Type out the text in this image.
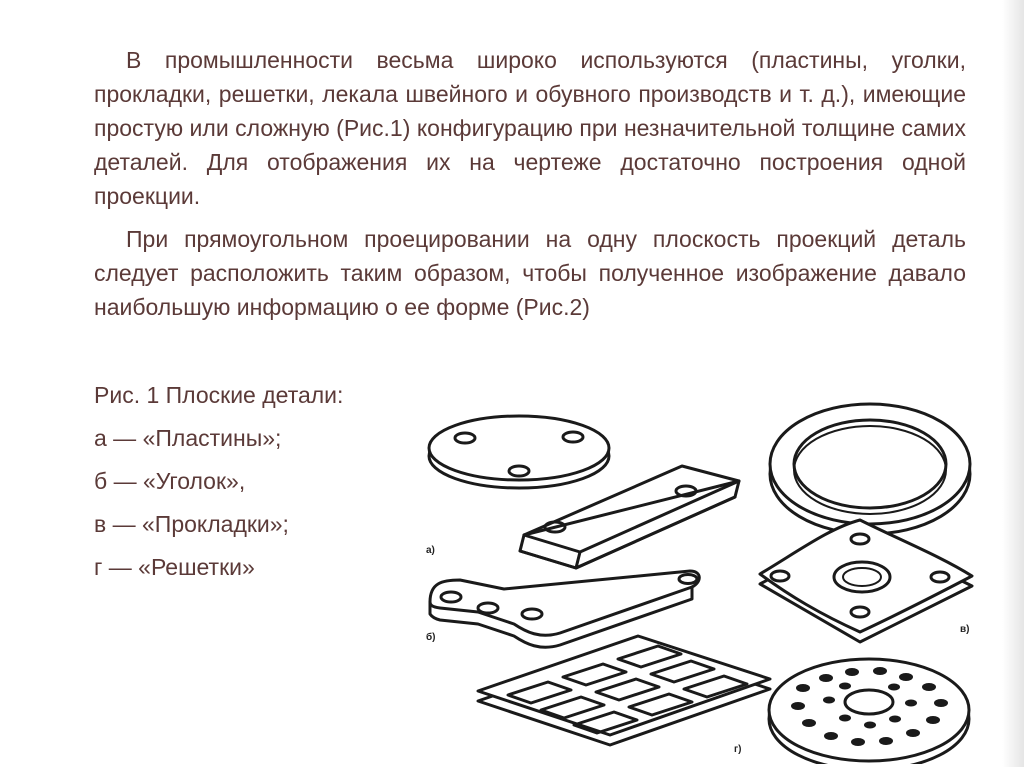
В промышленности весьма широко используются (пластины, уголки, прокладки, решетки, лекала швейного и обувного производств и т. д.), имеющие простую или сложную (Рис.1) конфигурацию при незначительной толщине самих деталей. Для отображения их на чертеже достаточно построения одной проекции.

При прямоугольном проецировании на одну плоскость проекций деталь следует расположить таким образом, чтобы полученное изображение давало наибольшую информацию о ее форме (Рис.2)

Рис. 1 Плоские детали:
а — «Пластины»;
б — «Уголок»,
в — «Прокладки»;
г — «Решетки»
а)
б)
в)
г)
